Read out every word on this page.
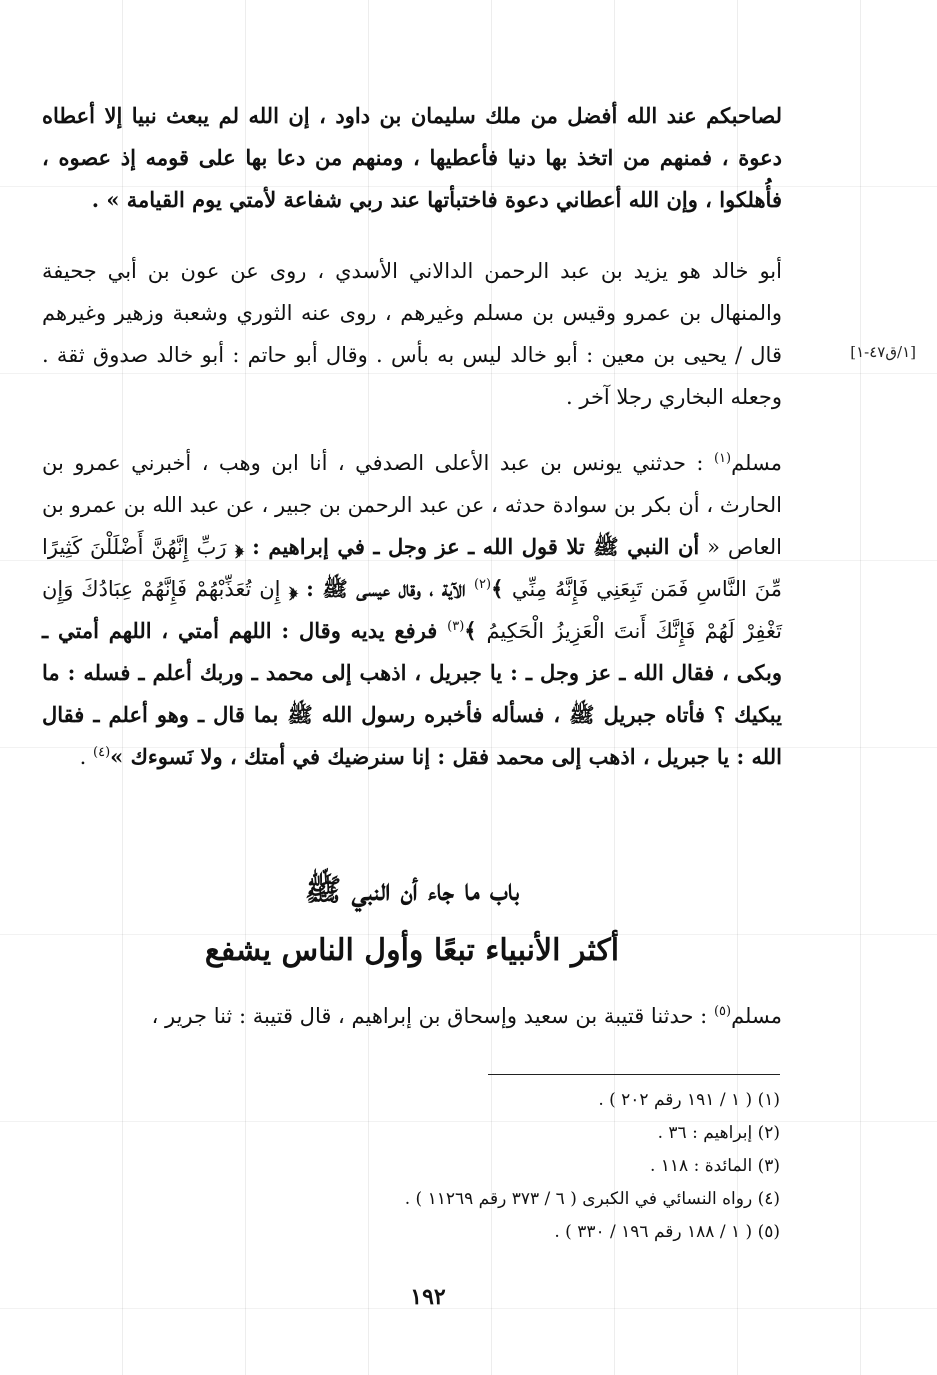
لصاحبكم عند الله أفضل من ملك سليمان بن داود ، إن الله لم يبعث نبيا إلا أعطاه دعوة ، فمنهم من اتخذ بها دنيا فأعطيها ، ومنهم من دعا بها على قومه إذ عصوه ، فأُهلكوا ، وإن الله أعطاني دعوة فاختبأتها عند ربي شفاعة لأمتي يوم القيامة » .

أبو خالد هو يزيد بن عبد الرحمن الدالاني الأسدي ، روى عن عون بن أبي جحيفة والمنهال بن عمرو وقيس بن مسلم وغيرهم ، روى عنه الثوري وشعبة وزهير وغيرهم قال / يحيى بن معين : أبو خالد ليس به بأس . وقال أبو حاتم : أبو خالد صدوق ثقة . وجعله البخاري رجلا آخر .

[١/ق٤٧-١]

مسلم$^{(١)}$ : حدثني يونس بن عبد الأعلى الصدفي ، أنا ابن وهب ، أخبرني عمرو بن الحارث ، أن بكر بن سوادة حدثه ، عن عبد الرحمن بن جبير ، عن عبد الله بن عمرو بن العاص « أن النبي ﷺ تلا قول الله ـ عز وجل ـ في إبراهيم : ﴿ رَبِّ إِنَّهُنَّ أَضْلَلْنَ كَثِيرًا مِّنَ النَّاسِ فَمَن تَبِعَنِي فَإِنَّهُ مِنِّي ﴾$^{(٢)}$ الآية ، وقال عيسى ﷺ : ﴿ إِن تُعَذِّبْهُمْ فَإِنَّهُمْ عِبَادُكَ وَإِن تَغْفِرْ لَهُمْ فَإِنَّكَ أَنتَ الْعَزِيزُ الْحَكِيمُ ﴾$^{(٣)}$ فرفع يديه وقال : اللهم أمتي ، اللهم أمتي ـ وبكى ، فقال الله ـ عز وجل ـ : يا جبريل ، اذهب إلى محمد ـ وربك أعلم ـ فسله : ما يبكيك ؟ فأتاه جبريل ﷺ ، فسأله فأخبره رسول الله ﷺ بما قال ـ وهو أعلم ـ فقال الله : يا جبريل ، اذهب إلى محمد فقل : إنا سنرضيك في أمتك ، ولا نَسوءك »$^{(٤)}$ .

باب ما جاء أن النبي ﷺ
أكثر الأنبياء تبعًا وأول الناس يشفع

مسلم$^{(٥)}$ : حدثنا قتيبة بن سعيد وإسحاق بن إبراهيم ، قال قتيبة : ثنا جرير ،

(١) ( ١ / ١٩١ رقم ٢٠٢ ) .
(٢) إبراهيم : ٣٦ .
(٣) المائدة : ١١٨ .
(٤) رواه النسائي في الكبرى ( ٦ / ٣٧٣ رقم ١١٢٦٩ ) .
(٥) ( ١ / ١٨٨ رقم ١٩٦ / ٣٣٠ ) .
١٩٢
